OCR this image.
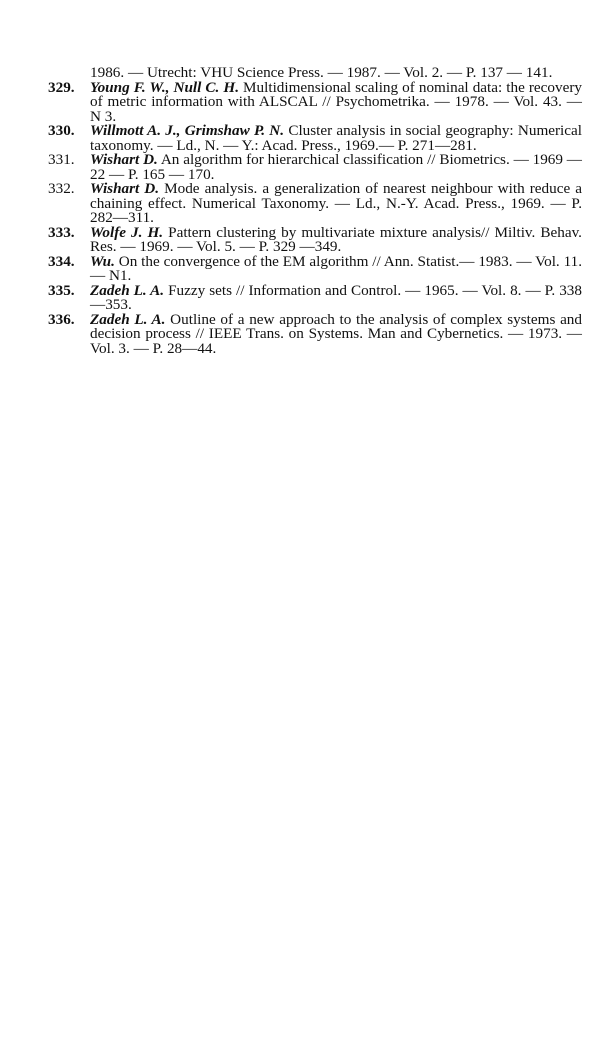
1986. — Utrecht: VHU Science Press. — 1987. — Vol. 2. — P. 137 — 141.

329.	Young F. W., Null C. H. Multidimensional scaling of nominal data: the recovery of metric information with ALSCAL // Psychometrika. — 1978. — Vol. 43. — N 3.

330.	Willmott A. J., Grimshaw P. N. Cluster analysis in social geography: Numerical taxonomy. — Ld., N. — Y.: Acad. Press., 1969.— P. 271—281.

331.	Wishart D. An algorithm for hierarchical classification // Biometrics. — 1969 — 22 — P. 165 — 170.

332.	Wishart D. Mode analysis. a generalization of nearest neighbour with reduce a chaining effect. Numerical Taxonomy. — Ld., N.-Y. Acad. Press., 1969. — P. 282—311.

333.	Wolfe J. H. Pattern clustering by multivariate mixture analysis// Miltiv. Behav. Res. — 1969. — Vol. 5. — P. 329 —349.

334.	Wu. On the convergence of the EM algorithm // Ann. Statist.— 1983. — Vol. 11. — N1.

335.	Zadeh L. A. Fuzzy sets // Information and Control. — 1965. — Vol. 8. — P. 338—353.

336.	Zadeh L. A. Outline of a new approach to the analysis of complex systems and decision process // IEEE Trans. on Systems. Man and Cybernetics. — 1973. — Vol. 3. — P. 28—44.
